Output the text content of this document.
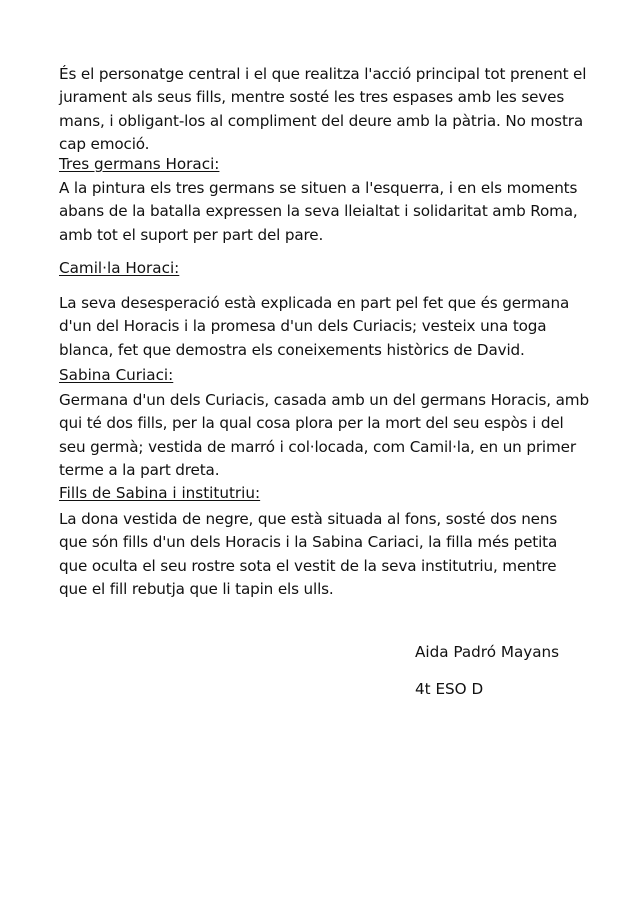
És el personatge central i el que realitza l'acció principal tot prenent el jurament als seus fills, mentre sosté les tres espases amb les seves mans, i obligant-los al compliment del deure amb la pàtria. No mostra cap emoció.

Tres germans Horaci:

A la pintura els tres germans se situen a l'esquerra, i en els moments abans de la batalla expressen la seva lleialtat i solidaritat amb Roma, amb tot el suport per part del pare.

Camil·la Horaci:

La seva desesperació està explicada en part pel fet que és germana d'un del Horacis i la promesa d'un dels Curiacis; vesteix una toga blanca, fet que demostra els coneixements històrics de David.

Sabina Curiaci:

Germana d'un dels Curiacis, casada amb un del germans Horacis, amb qui té dos fills, per la qual cosa plora per la mort del seu espòs i del seu germà; vestida de marró i col·locada, com Camil·la, en un primer terme a la part dreta.

Fills de Sabina i institutriu:

La dona vestida de negre, que està situada al fons, sosté dos nens que són fills d'un dels Horacis i la Sabina Cariaci, la filla més petita que oculta el seu rostre sota el vestit de la seva institutriu, mentre que el fill rebutja que li tapin els ulls.

Aida Padró Mayans

4t ESO D
